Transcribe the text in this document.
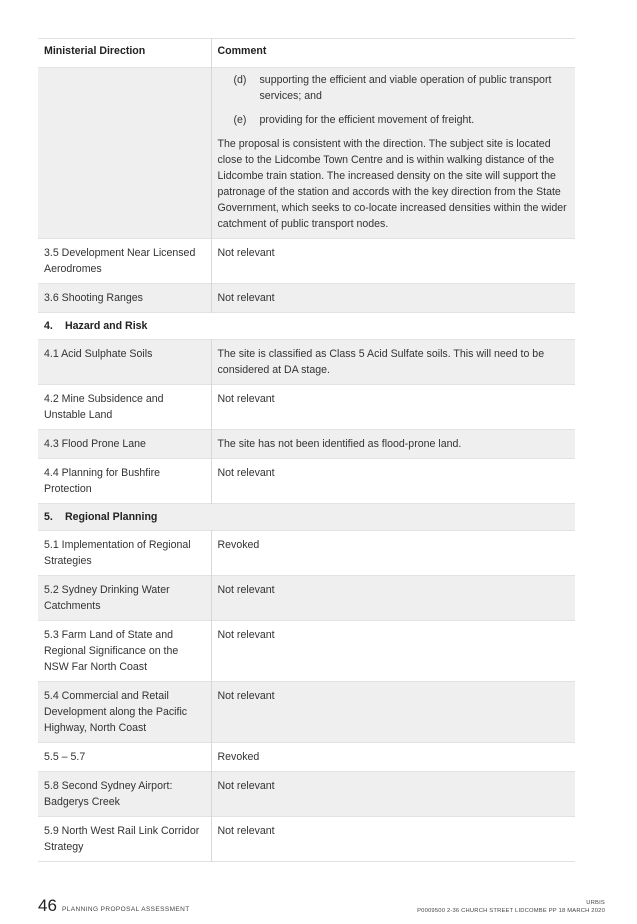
Ministerial Direction	Comment

	(d) supporting the efficient and viable operation of public transport services; and
(e) providing for the efficient movement of freight.

The proposal is consistent with the direction. The subject site is located close to the Lidcombe Town Centre and is within walking distance of the Lidcombe train station. The increased density on the site will support the patronage of the station and accords with the key direction from the State Government, which seeks to co-locate increased densities within the wider catchment of public transport nodes.

3.5 Development Near Licensed Aerodromes	Not relevant
3.6 Shooting Ranges	Not relevant
4. Hazard and Risk	
4.1 Acid Sulphate Soils	The site is classified as Class 5 Acid Sulfate soils. This will need to be considered at DA stage.
4.2 Mine Subsidence and Unstable Land	Not relevant
4.3 Flood Prone Lane	The site has not been identified as flood-prone land.
4.4 Planning for Bushfire Protection	Not relevant
5. Regional Planning	
5.1 Implementation of Regional Strategies	Revoked
5.2 Sydney Drinking Water Catchments	Not relevant
5.3 Farm Land of State and Regional Significance on the NSW Far North Coast	Not relevant
5.4 Commercial and Retail Development along the Pacific Highway, North Coast	Not relevant
5.5 – 5.7	Revoked
5.8 Second Sydney Airport: Badgerys Creek	Not relevant
5.9 North West Rail Link Corridor Strategy	Not relevant
46 PLANNING PROPOSAL ASSESSMENT
URBIS
P0009500 2-36 CHURCH STREET LIDCOMBE PP 18 MARCH 2020
